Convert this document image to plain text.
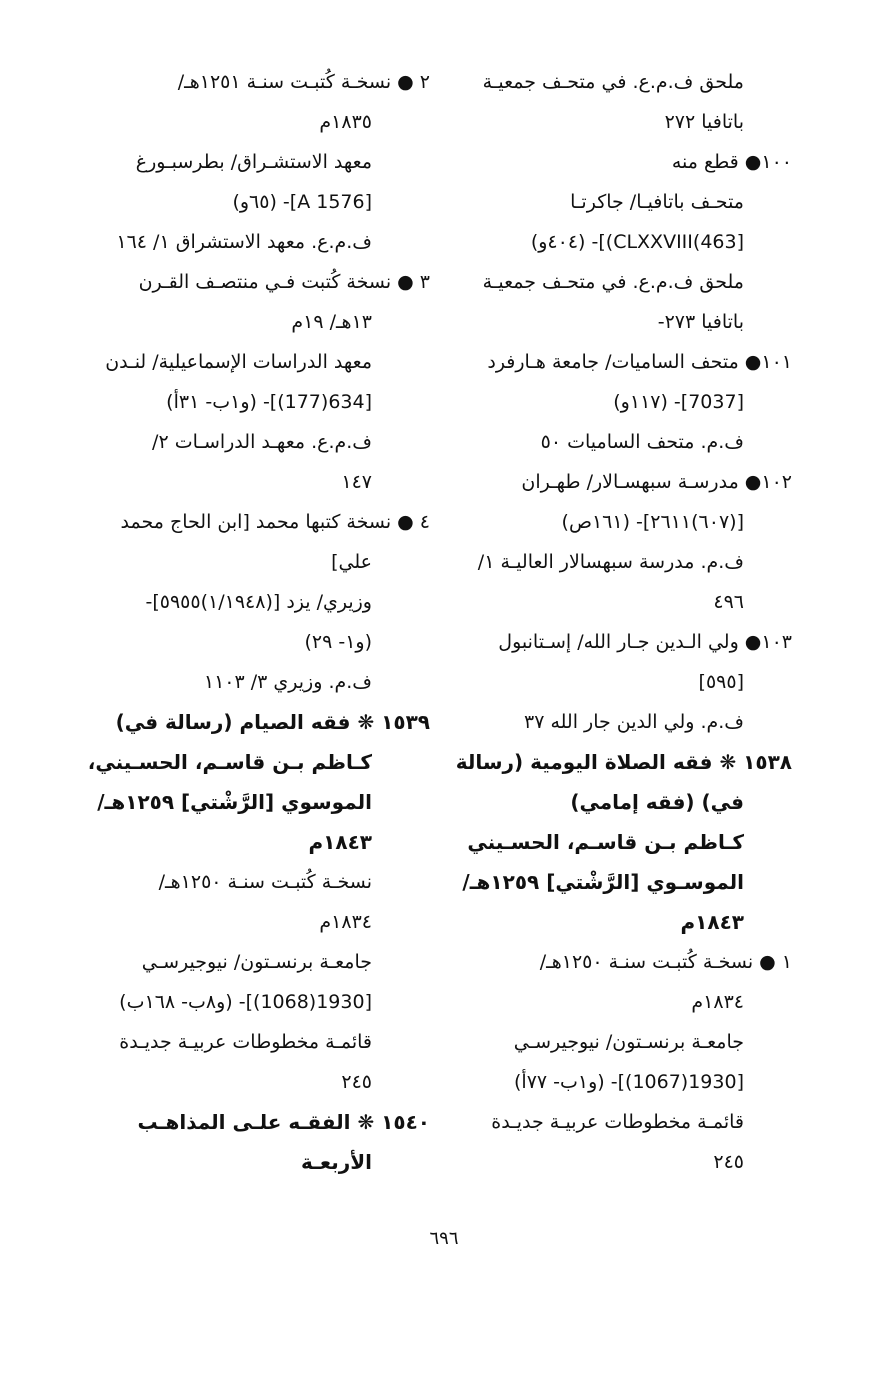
ملحق ف.م.ع. في متحـف جمعيـة
باتافيا ٢٧٢
١٠٠● قطع منه
متحـف باتافيـا/ جاكرتـا
[463)CLXXVIII)]- (٤٠٤و)
ملحق ف.م.ع. في متحـف جمعيـة
باتافيا ٢٧٣-
١٠١● متحف الساميات/ جامعة هـارفرد
[7037]- (١١٧و)
ف.م. متحف الساميات ٥٠
١٠٢● مدرسـة سبهسـالار/ طهـران
[(٦٠٧)٢٦١١]- (١٦١ص)
ف.م. مدرسة سبهسالار العاليـة ١/
٤٩٦
١٠٣● ولي الـدين جـار الله/ إسـتانبول
[٥٩٥]
ف.م. ولي الدين جار الله ٣٧
١٥٣٨ ❋ فقه الصلاة اليومية (رسالة
في) (فقه إمامي)
كـاظم بـن قاسـم، الحسـيني
الموسـوي [الرَّشْتي] ١٢٥٩هـ/
١٨٤٣م
١ ● نسخـة كُتبـت سنـة ١٢٥٠هـ/
١٨٣٤م
جامعـة برنسـتون/ نيوجيرسـي
[1930(1067)]- (و١ب- ٧٧أ)
قائمـة مخطوطات عربيـة جديـدة
٢٤٥
٢ ● نسخـة كُتبـت سنـة ١٢٥١هـ/
١٨٣٥م
معهد الاستشـراق/ بطرسبـورغ
[A 1576]- (٦٥و)
ف.م.ع. معهد الاستشراق ١/ ١٦٤
٣ ● نسخة كُتبت فـي منتصـف القـرن
١٣هـ/ ١٩م
معهد الدراسات الإسماعيلية/ لنـدن
[634(177)]- (و١ب- ٣١أ)
ف.م.ع. معهـد الدراسـات ٢/
١٤٧
٤ ● نسخة كتبها محمد [ابن الحاج محمد
علي]
وزيري/ يزد [(١/١٩٤٨)٥٩٥٥]-
(و١- ٢٩)
ف.م. وزيري ٣/ ١١٠٣
١٥٣٩ ❋ فقه الصيام (رسالة في)
كـاظم بـن قاسـم، الحسـيني،
الموسوي [الرَّشْتي] ١٢٥٩هـ/
١٨٤٣م
نسخـة كُتبـت سنـة ١٢٥٠هـ/
١٨٣٤م
جامعـة برنسـتون/ نيوجيرسـي
[1930(1068)]- (و٨ب- ١٦٨ب)
قائمـة مخطوطات عربيـة جديـدة
٢٤٥
١٥٤٠ ❋ الفقـه علـى المذاهـب
الأربعـة
٦٩٦
